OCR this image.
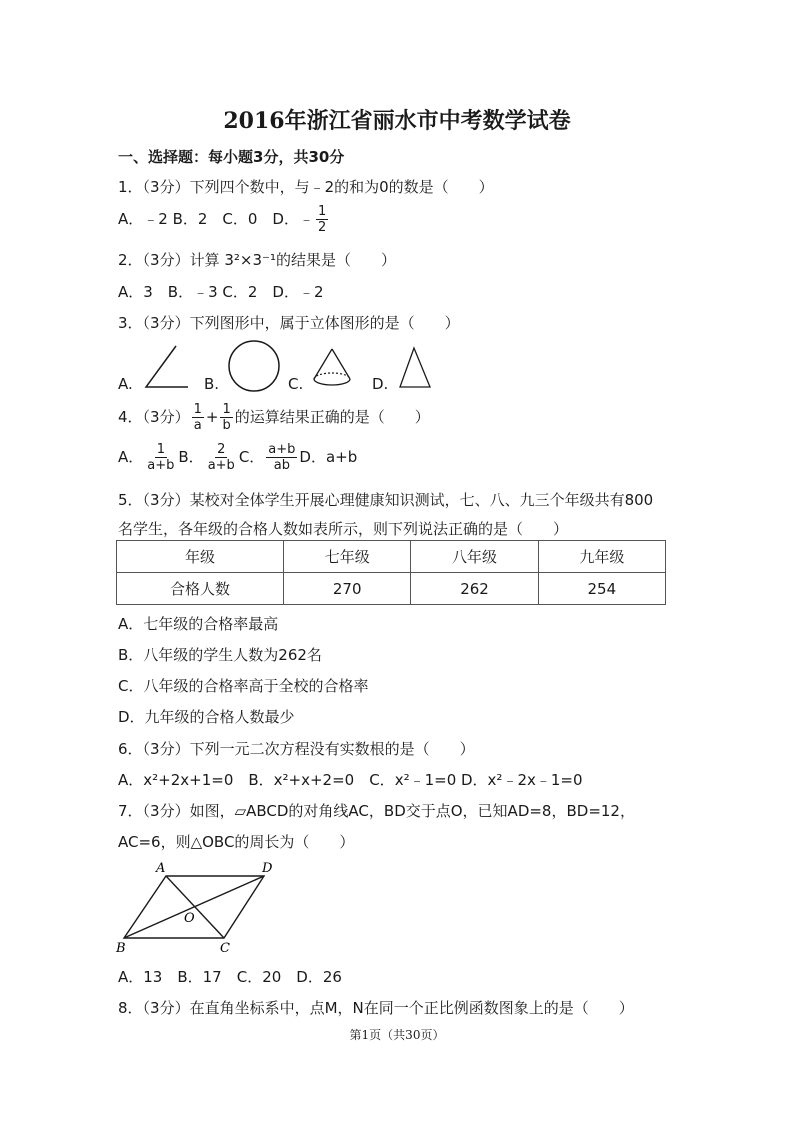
2016年浙江省丽水市中考数学试卷
一、选择题：每小题3分，共30分
1．（3分）下列四个数中，与﹣2的和为0的数是（　　）
A．﹣2 B．2　C．0　D．﹣ $\frac{1}{2}$
2．（3分）计算 3²×3⁻¹的结果是（　　）
A．3　B．﹣3 C．2　D．﹣2
3．（3分）下列图形中，属于立体图形的是（　　）
A.	B.	C.	D.
4．（3分） $\frac{1}{a} + \frac{1}{b}$ 的运算结果正确的是（　　）
A． $\frac{1}{a+b}$ B． $\frac{2}{a+b}$ C． $\frac{a+b}{ab}$ D．a+b
5．（3分）某校对全体学生开展心理健康知识测试，七、八、九三个年级共有800
名学生，各年级的合格人数如表所示，则下列说法正确的是（　　）
年级	七年级	八年级	九年级
合格人数	270	262	254
A．七年级的合格率最高
B．八年级的学生人数为262名
C．八年级的合格率高于全校的合格率
D．九年级的合格人数最少
6．（3分）下列一元二次方程没有实数根的是（　　）
A．x²+2x+1=0　B．x²+x+2=0　C．x²﹣1=0 D．x²﹣2x﹣1=0
7．（3分）如图，▱ABCD的对角线AC，BD交于点O，已知AD=8，BD=12，
AC=6，则△OBC的周长为（　　）
A	D
B	C
O
A．13　B．17　C．20　D．26
8．（3分）在直角坐标系中，点M，N在同一个正比例函数图象上的是（　　）
第1页（共30页）
